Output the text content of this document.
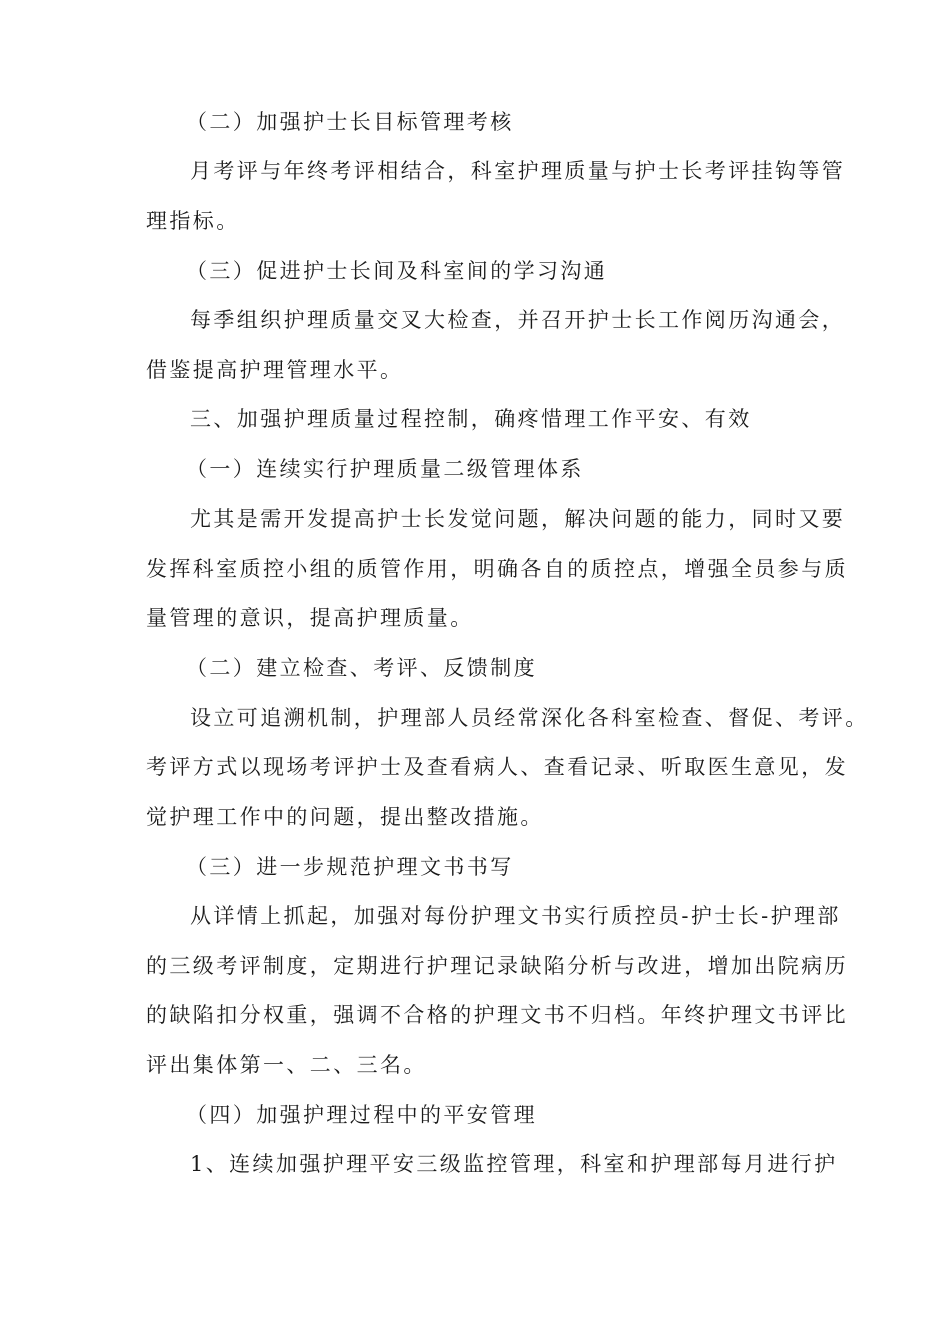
（二）加强护士长目标管理考核
月考评与年终考评相结合，科室护理质量与护士长考评挂钩等管
理指标。
（三）促进护士长间及科室间的学习沟通
每季组织护理质量交叉大检查，并召开护士长工作阅历沟通会，
借鉴提高护理管理水平。
三、加强护理质量过程控制，确疼惜理工作平安、有效
（一）连续实行护理质量二级管理体系
尤其是需开发提高护士长发觉问题，解决问题的能力，同时又要
发挥科室质控小组的质管作用，明确各自的质控点，增强全员参与质
量管理的意识，提高护理质量。
（二）建立检查、考评、反馈制度
设立可追溯机制，护理部人员经常深化各科室检查、督促、考评。
考评方式以现场考评护士及查看病人、查看记录、听取医生意见，发
觉护理工作中的问题，提出整改措施。
（三）进一步规范护理文书书写
从详情上抓起，加强对每份护理文书实行质控员-护士长-护理部
的三级考评制度，定期进行护理记录缺陷分析与改进，增加出院病历
的缺陷扣分权重，强调不合格的护理文书不归档。年终护理文书评比
评出集体第一、二、三名。
（四）加强护理过程中的平安管理
1、连续加强护理平安三级监控管理，科室和护理部每月进行护
